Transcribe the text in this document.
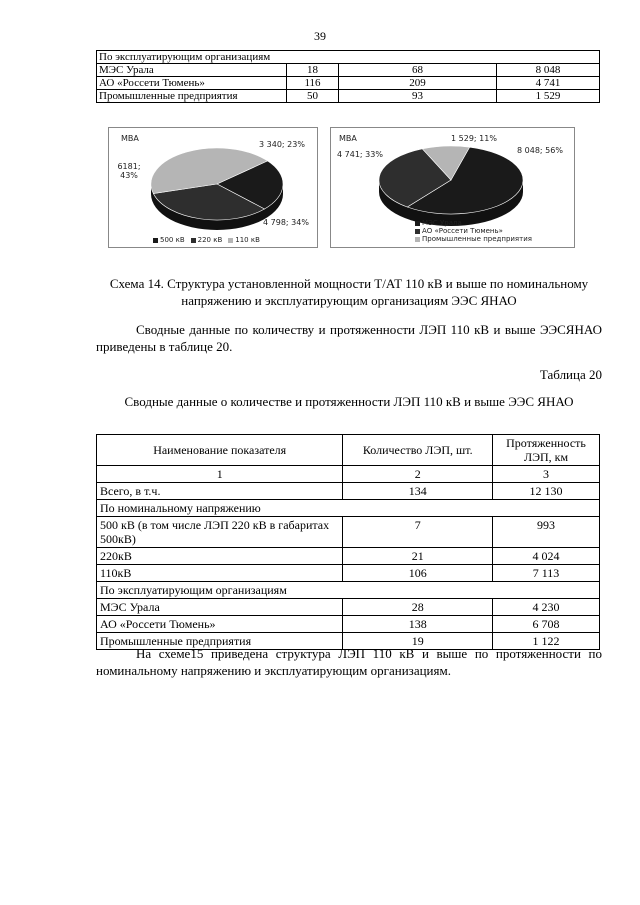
39
По эксплуатирующим организациям			
МЭС Урала	18	68	8 048
АО «Россети Тюмень»	116	209	4 741
Промышленные предприятия	50	93	1 529
МВА
3 340; 23%
4 798; 34%
6181; 43%
500 кВ	220 кВ	110 кВ
МВА
8 048; 56%
4 741; 33%
1 529; 11%
МЭС Урала
АО «Россети Тюмень»
Промышленные предприятия
Схема 14. Структура установленной мощности Т/АТ 110 кВ и выше по номинальному напряжению и эксплуатирующим организациям ЭЭС ЯНАО

Сводные данные по количеству и протяженности ЛЭП 110 кВ и выше ЭЭСЯНАО приведены в таблице 20.

Таблица 20
Сводные данные о количестве и протяженности ЛЭП 110 кВ и выше ЭЭС ЯНАО
Наименование показателя	Количество ЛЭП, шт.	Протяженность ЛЭП, км
1	2	3
Всего, в т.ч.	134	12 130
По номинальному напряжению		
500 кВ (в том числе ЛЭП 220 кВ в габаритах 500кВ)	7	993
220кВ	21	4 024
110кВ	106	7 113
По эксплуатирующим организациям		
МЭС Урала	28	4 230
АО «Россети Тюмень»	138	6 708
Промышленные предприятия	19	1 122

На схеме15 приведена структура ЛЭП 110 кВ и выше по протяженности по номинальному напряжению и эксплуатирующим организациям.
